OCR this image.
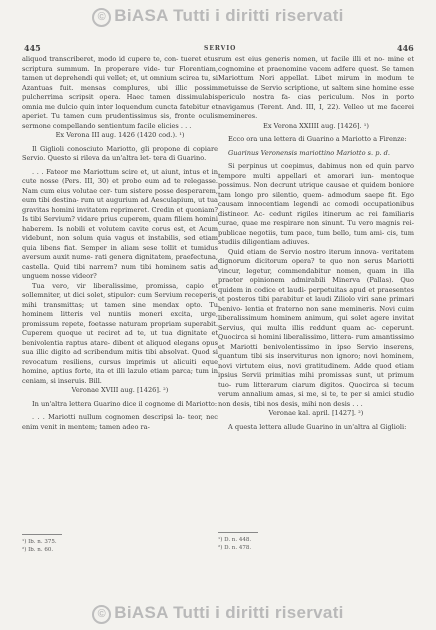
© BiASA Tutti i diritti riservati
445	SERVIO	446

aliquod transcriberet, modo id cupere te, con- tueret etus scriptura summum. In properare vide- tur Florentiam, tamen ut deprehendi qui vellet; et, ut omnium scirea tu, si Azantuas fuit. mensas complures, ubi illic possim pulcherrima scripsit opera. Haec tamen dissimulabis omnia me dulcio quin inter loquendum cuncta fatebitur et aperiet. Tu tamen cum prudentissimus sis, fronte oculis sermone compellando sentientum facile elicies . . .

Ex Verona III aug. 1426 (1420 cod.). ¹)

Il Giglioli conosciuto Mariotto, gli propone di copiare Servio. Questo si rileva da un'altra let- tera di Guarino.

. . . Fateor me Mariottum scire et, ut aiunt, intus et in cute nosse (Pers. III, 30) et probo eum ad te relegasse. Nam cum eius volutae cer- tum sistere posse desperarem, eum tibi destina- rum ut augurium ad Aesculapium, ut tua gravitas homini invitatem reprimeret. Credin et quoniam? Is tibi Servium? vidare prius cuperem, quam filiem homini haberem. Is nobili et volutem cavite corus est, et Acum videbunt, non solum quia vagus et instabilis, sed etiam quia libens fiat. Semper in aliam sese tollit et tumidus aversum auxit nume- rati genera dignitatem, praefectuna, castella. Quid tibi narrem? num tibi hominem satis ad unguem nosse videor?

Tua vero, vir liberalissime, promissa, capio et sollemniter, ut dici solet, stipulor: cum Servium receperis, mihi transmittas; ut tamen sine mendax opto. Tu hominem litteris vel nuntiis moneri excita, urge, promissum repete, foetasse naturam propriam superabit. Cuperem quoque ut reciret ad te, ut tua dignitate et benivolentia raptus atare- dibent et aliquod elegans opus sua illic digito ad scribendum mitis tibi absolvat. Quod si revocatum resiliens, cursus imprimis ut alicuiti eque homine, aptius forte, ita et illi lazulo etiam parca; tum in ceniam, si inseruis. Bill.

Veronae XVIII aug. [1426]. ²)

In un'altra lettera Guarino dice il cognome di Mariotto:

. . . Mariotti nullum cognomen descripsi la- teor, nec enim venit in mentem; tamen adeo ra-

rum est eius generis nomen, ut facile illi et no- mine et cognomine et praenomine vacem adfere quest. Se tamen Mariottum Nori appellat. Libet mirum in modum te metuisse de Servio scriptione, ut saltem sine homine esse periculo nostra fa- cias periculum. Nos in porto navigamus (Terent. And. III, I, 22). Velleo ut me facerei memineres.

Ex Verona XXIIII aug. [1426]. ¹)

Ecco ora una lettera di Guarino a Mariotto a Firenze:

Guarinus Veronensis mariottino Mariotto s. p. d.

Si perpinus ut coepimus, dabimus non ed quin parvo tempore multi appellari et amorari iun- mentoque possimus. Non decrunt utrique causae et quidem boniore tam longo pro silentio, quem- admodum saepe fit. Ego causam innocentiam legendi ac comodi occupationibus distineor. Ac- cedunt rigiles itinerum ac rei familiaris curae, quae me respirare non sinunt. Tu vero magnis rei- publicae negotiis, tum pace, tum bello, tum ami- cis, tum studiis diligentiam adiuves.

Quid etiam de Servio nostro iterum innova- veritatem dignorum dicitorum opera? te quo non serus Mariotti vincur, legetur, commendabitur nomen, quam in illa praeter opinionem admirabili Minerva (Pallas). Quo quidem in codice et laudi- perpetuitas apud et praesentes et posteros tibi parabitur et laudi Ziliolo viri sane primari benivo- lentia et fraterno non sane memineris. Novi cuim liberalissimum hominem animum, qui solet agere invitat Servius, qui multa illis reddunt quam ac- ceperunt. Quocirca si homini liberalissimo, littera- rum amantissimo et Mariotti benivolentissimo in ipso Servio inserens, quantum tibi sis inserviturus non ignoro; novi hominem, novi virtutem eius, novi gratitudinem. Adde quod etiam ipsius Servii primitias mihi promissas sunt, ut primum tuo- rum litterarum ciarum digitos. Quocirca si tecum verum annalium amas, si me, si te, te per si amici studio non desis, tibi nos desis, mihi non desis . . .

Veronae kal. april. [1427]. ²)

A questa lettera allude Guarino in un'altra al Giglioli:

¹) Ib. n. 375.
²) Ib. n. 60.
¹) D. n. 448.
²) D. n. 478.
© BiASA Tutti i diritti riservati
